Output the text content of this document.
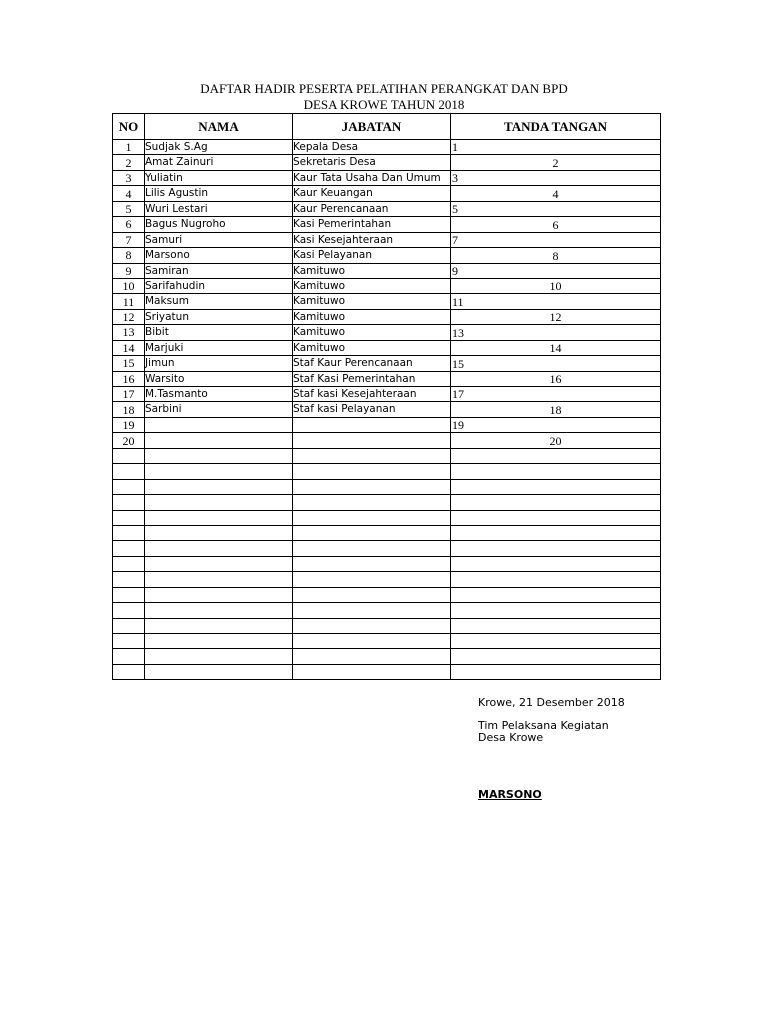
DAFTAR HADIR PESERTA PELATIHAN PERANGKAT DAN BPD
DESA KROWE TAHUN 2018
NO	NAMA	JABATAN	TANDA TANGAN
1	Sudjak S.Ag	Kepala Desa	1
2	Amat Zainuri	Sekretaris Desa	2
3	Yuliatin	Kaur Tata Usaha Dan Umum	3
4	Lilis Agustin	Kaur Keuangan	4
5	Wuri Lestari	Kaur Perencanaan	5
6	Bagus Nugroho	Kasi Pemerintahan	6
7	Samuri	Kasi Kesejahteraan	7
8	Marsono	Kasi Pelayanan	8
9	Samiran	Kamituwo	9
10	Sarifahudin	Kamituwo	10
11	Maksum	Kamituwo	11
12	Sriyatun	Kamituwo	12
13	Bibit	Kamituwo	13
14	Marjuki	Kamituwo	14
15	Jimun	Staf Kaur Perencanaan	15
16	Warsito	Staf Kasi Pemerintahan	16
17	M.Tasmanto	Staf kasi Kesejahteraan	17
18	Sarbini	Staf kasi Pelayanan	18
19			19
20			20

Krowe, 21 Desember 2018
Tim Pelaksana Kegiatan
Desa Krowe
MARSONO
